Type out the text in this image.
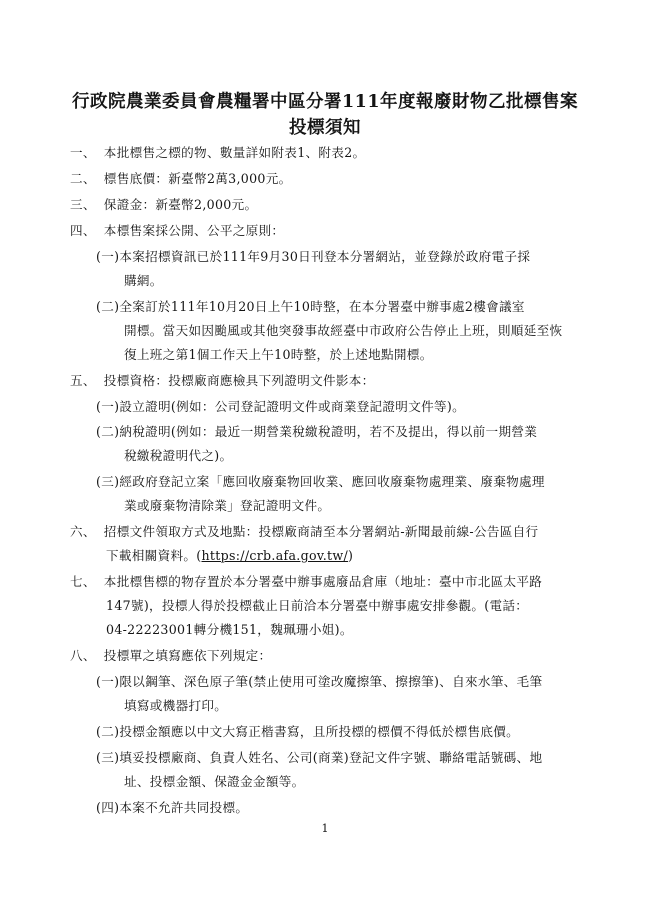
行政院農業委員會農糧署中區分署111年度報廢財物乙批標售案
投標須知
一、 本批標售之標的物、數量詳如附表1、附表2。
二、 標售底價：新臺幣2萬3,000元。
三、 保證金：新臺幣2,000元。
四、 本標售案採公開、公平之原則：
(一)本案招標資訊已於111年9月30日刊登本分署網站，並登錄於政府電子採
購網。
(二)全案訂於111年10月20日上午10時整，在本分署臺中辦事處2樓會議室
開標。當天如因颱風或其他突發事故經臺中市政府公告停止上班，則順延至恢
復上班之第1個工作天上午10時整，於上述地點開標。
五、 投標資格：投標廠商應檢具下列證明文件影本：
(一)設立證明(例如：公司登記證明文件或商業登記證明文件等)。
(二)納稅證明(例如：最近一期營業稅繳稅證明，若不及提出，得以前一期營業
稅繳稅證明代之)。
(三)經政府登記立案「應回收廢棄物回收業、應回收廢棄物處理業、廢棄物處理
業或廢棄物清除業」登記證明文件。
六、 招標文件領取方式及地點：投標廠商請至本分署網站-新聞最前線-公告區自行
下載相關資料。(https://crb.afa.gov.tw/)
七、 本批標售標的物存置於本分署臺中辦事處廢品倉庫（地址：臺中市北區太平路
147號)，投標人得於投標截止日前洽本分署臺中辦事處安排參觀。(電話：
04-22223001轉分機151，魏珮珊小姐)。
八、 投標單之填寫應依下列規定：
(一)限以鋼筆、深色原子筆(禁止使用可塗改魔擦筆、擦擦筆)、自來水筆、毛筆
填寫或機器打印。
(二)投標金額應以中文大寫正楷書寫，且所投標的標價不得低於標售底價。
(三)填妥投標廠商、負責人姓名、公司(商業)登記文件字號、聯絡電話號碼、地
址、投標金額、保證金金額等。
(四)本案不允許共同投標。
1
